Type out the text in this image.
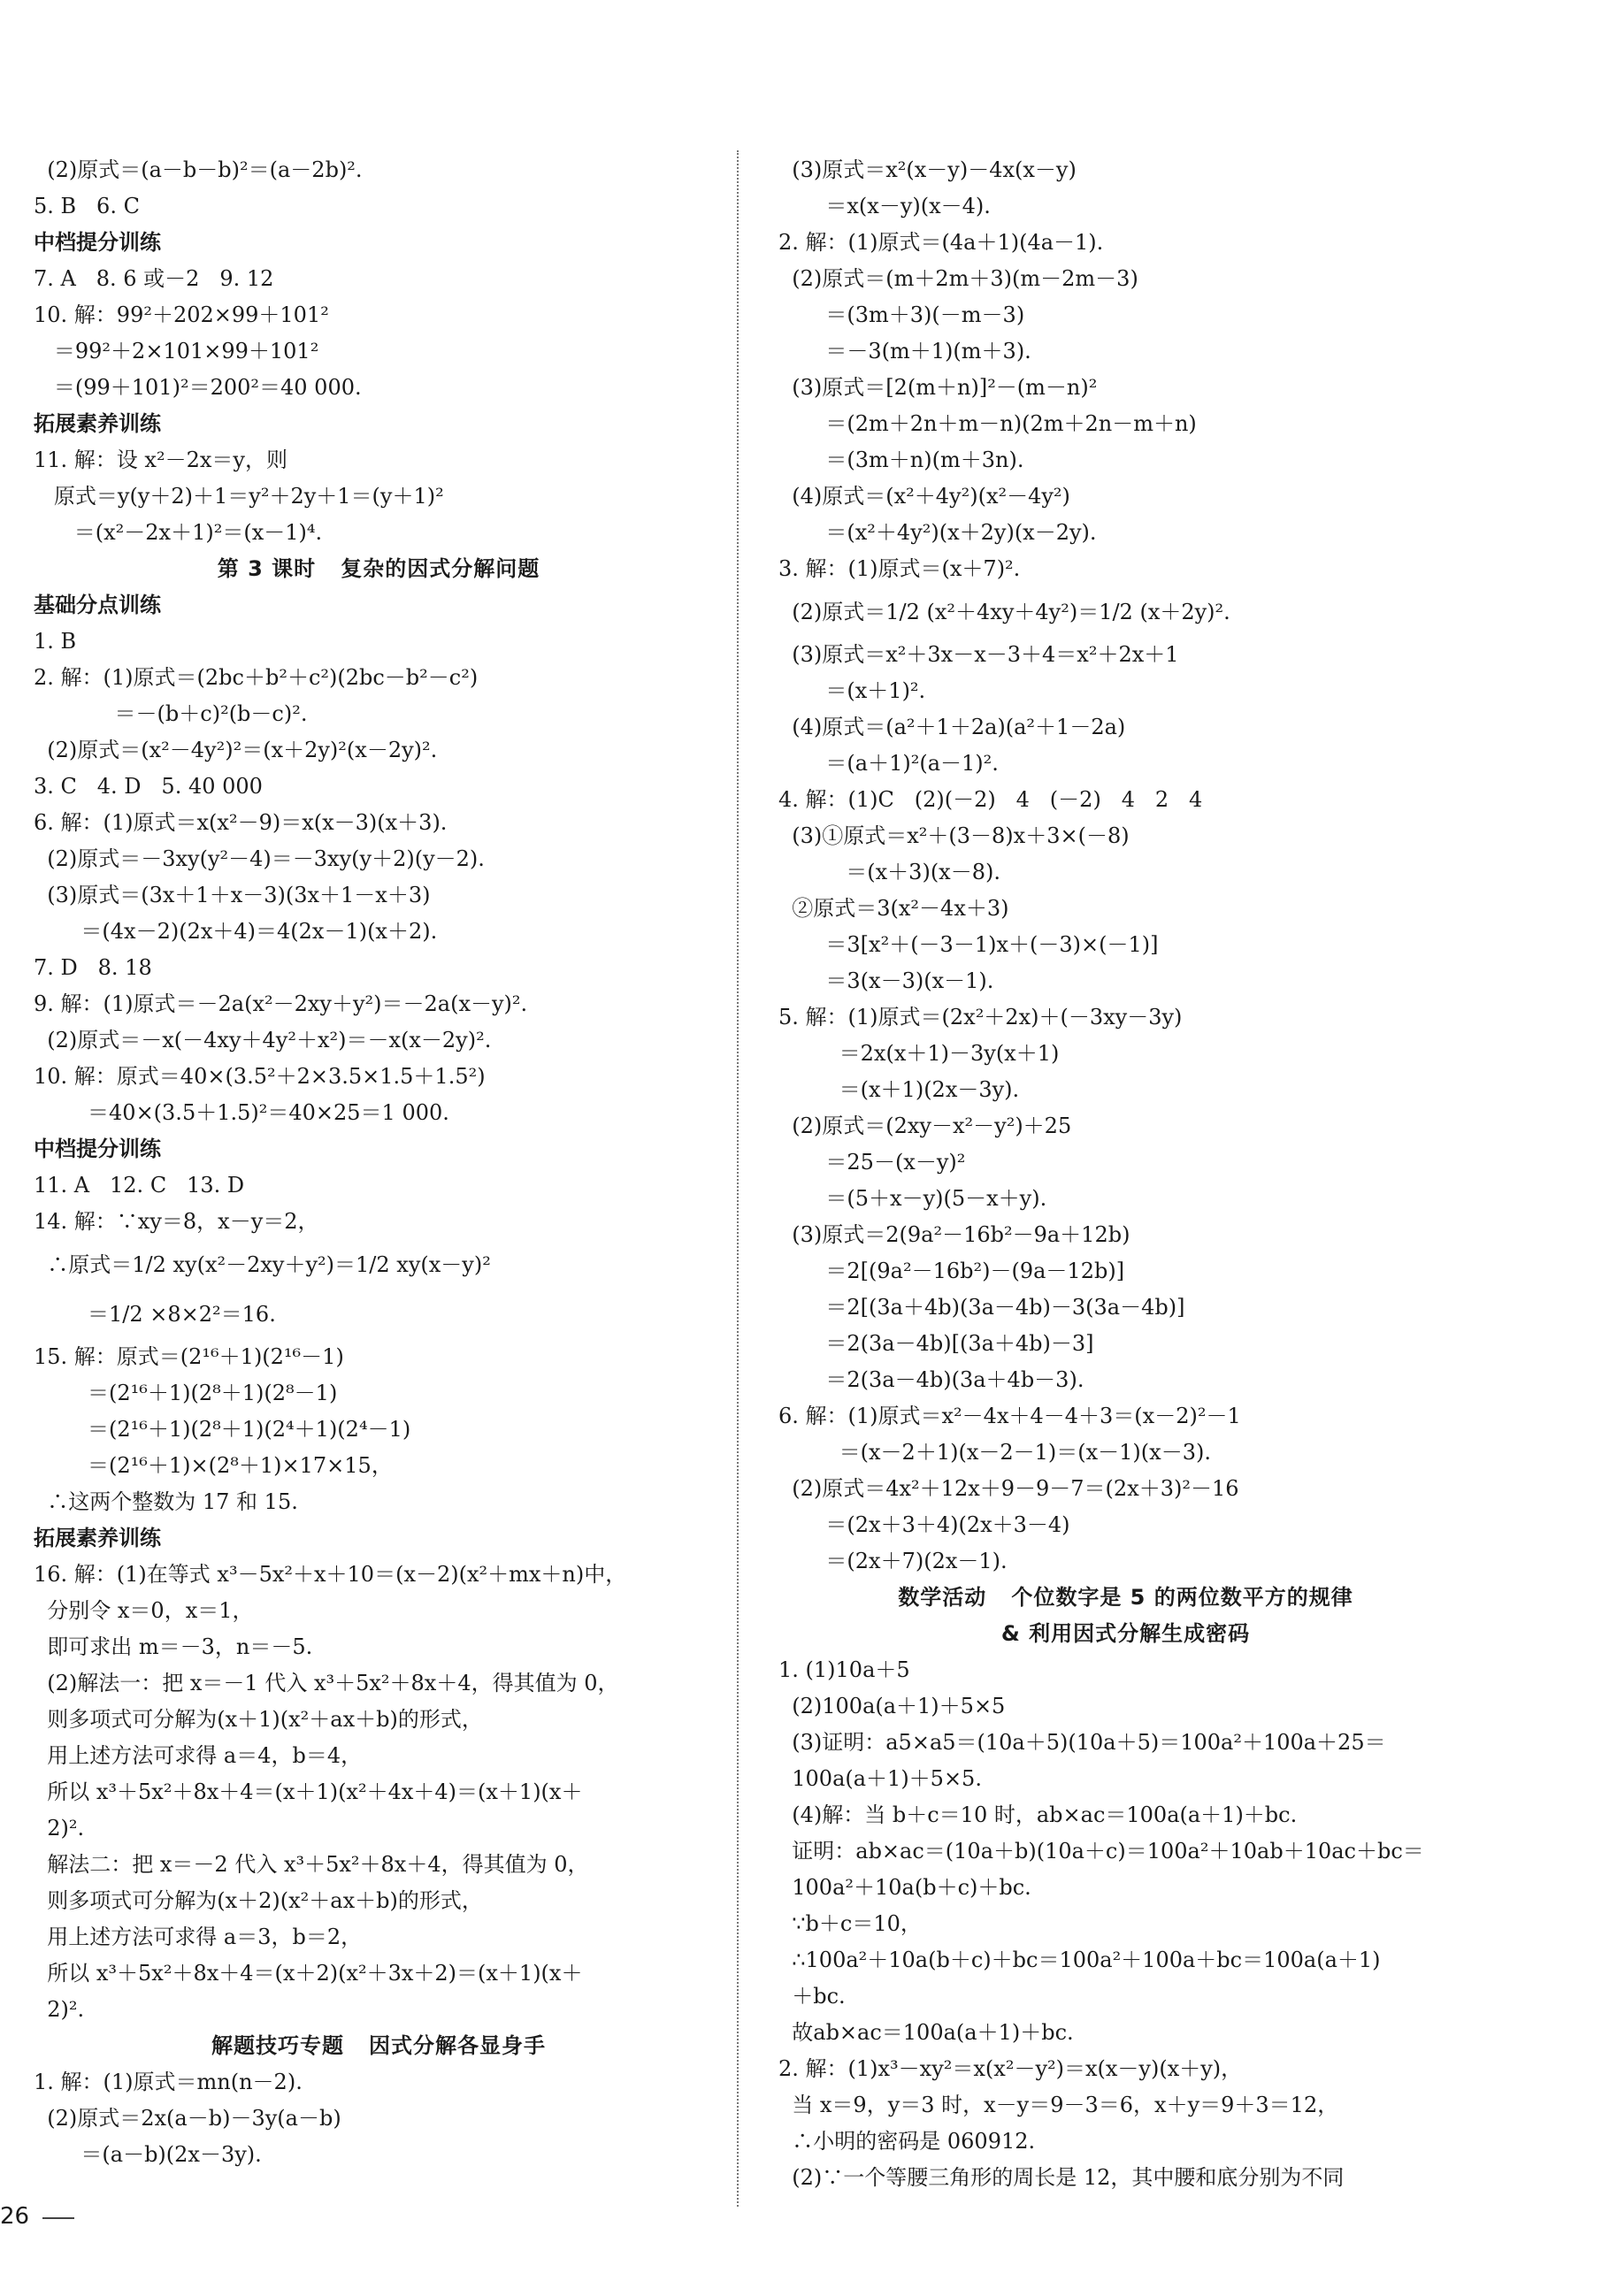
(2)原式＝(a－b－b)²＝(a－2b)².
5. B   6. C
中档提分训练
7. A   8. 6 或－2   9. 12
10. 解：99²＋202×99＋101²
＝99²＋2×101×99＋101²
＝(99＋101)²＝200²＝40 000.
拓展素养训练
11. 解：设 x²－2x＝y，则
原式＝y(y＋2)＋1＝y²＋2y＋1＝(y＋1)²
＝(x²－2x＋1)²＝(x－1)⁴.
第 3 课时   复杂的因式分解问题
基础分点训练
1. B
2. 解：(1)原式＝(2bc＋b²＋c²)(2bc－b²－c²)
＝－(b＋c)²(b－c)².
(2)原式＝(x²－4y²)²＝(x＋2y)²(x－2y)².
3. C   4. D   5. 40 000
6. 解：(1)原式＝x(x²－9)＝x(x－3)(x＋3).
(2)原式＝－3xy(y²－4)＝－3xy(y＋2)(y－2).
(3)原式＝(3x＋1＋x－3)(3x＋1－x＋3)
＝(4x－2)(2x＋4)＝4(2x－1)(x＋2).
7. D   8. 18
9. 解：(1)原式＝－2a(x²－2xy＋y²)＝－2a(x－y)².
(2)原式＝－x(－4xy＋4y²＋x²)＝－x(x－2y)².
10. 解：原式＝40×(3.5²＋2×3.5×1.5＋1.5²)
＝40×(3.5＋1.5)²＝40×25＝1 000.
中档提分训练
11. A   12. C   13. D
14. 解：∵xy＝8，x－y＝2，
∴原式＝1/2 xy(x²－2xy＋y²)＝1/2 xy(x－y)²
＝1/2 ×8×2²＝16.
15. 解：原式＝(2¹⁶＋1)(2¹⁶－1)
＝(2¹⁶＋1)(2⁸＋1)(2⁸－1)
＝(2¹⁶＋1)(2⁸＋1)(2⁴＋1)(2⁴－1)
＝(2¹⁶＋1)×(2⁸＋1)×17×15，
∴这两个整数为 17 和 15.
拓展素养训练
16. 解：(1)在等式 x³－5x²＋x＋10＝(x－2)(x²＋mx＋n)中，
分别令 x＝0，x＝1，
即可求出 m＝－3，n＝－5.
(2)解法一：把 x＝－1 代入 x³＋5x²＋8x＋4，得其值为 0，
则多项式可分解为(x＋1)(x²＋ax＋b)的形式，
用上述方法可求得 a＝4，b＝4，
所以 x³＋5x²＋8x＋4＝(x＋1)(x²＋4x＋4)＝(x＋1)(x＋
2)².
解法二：把 x＝－2 代入 x³＋5x²＋8x＋4，得其值为 0，
则多项式可分解为(x＋2)(x²＋ax＋b)的形式，
用上述方法可求得 a＝3，b＝2，
所以 x³＋5x²＋8x＋4＝(x＋2)(x²＋3x＋2)＝(x＋1)(x＋
2)².
解题技巧专题   因式分解各显身手
1. 解：(1)原式＝mn(n－2).
(2)原式＝2x(a－b)－3y(a－b)
＝(a－b)(2x－3y).
(3)原式＝x²(x－y)－4x(x－y)
＝x(x－y)(x－4).
2. 解：(1)原式＝(4a＋1)(4a－1).
(2)原式＝(m＋2m＋3)(m－2m－3)
＝(3m＋3)(－m－3)
＝－3(m＋1)(m＋3).
(3)原式＝[2(m＋n)]²－(m－n)²
＝(2m＋2n＋m－n)(2m＋2n－m＋n)
＝(3m＋n)(m＋3n).
(4)原式＝(x²＋4y²)(x²－4y²)
＝(x²＋4y²)(x＋2y)(x－2y).
3. 解：(1)原式＝(x＋7)².
(2)原式＝1/2 (x²＋4xy＋4y²)＝1/2 (x＋2y)².
(3)原式＝x²＋3x－x－3＋4＝x²＋2x＋1
＝(x＋1)².
(4)原式＝(a²＋1＋2a)(a²＋1－2a)
＝(a＋1)²(a－1)².
4. 解：(1)C   (2)(－2)   4   (－2)   4   2   4
(3)①原式＝x²＋(3－8)x＋3×(－8)
＝(x＋3)(x－8).
②原式＝3(x²－4x＋3)
＝3[x²＋(－3－1)x＋(－3)×(－1)]
＝3(x－3)(x－1).
5. 解：(1)原式＝(2x²＋2x)＋(－3xy－3y)
＝2x(x＋1)－3y(x＋1)
＝(x＋1)(2x－3y).
(2)原式＝(2xy－x²－y²)＋25
＝25－(x－y)²
＝(5＋x－y)(5－x＋y).
(3)原式＝2(9a²－16b²－9a＋12b)
＝2[(9a²－16b²)－(9a－12b)]
＝2[(3a＋4b)(3a－4b)－3(3a－4b)]
＝2(3a－4b)[(3a＋4b)－3]
＝2(3a－4b)(3a＋4b－3).
6. 解：(1)原式＝x²－4x＋4－4＋3＝(x－2)²－1
＝(x－2＋1)(x－2－1)＝(x－1)(x－3).
(2)原式＝4x²＋12x＋9－9－7＝(2x＋3)²－16
＝(2x＋3＋4)(2x＋3－4)
＝(2x＋7)(2x－1).
数学活动   个位数字是 5 的两位数平方的规律
& 利用因式分解生成密码
1. (1)10a＋5
(2)100a(a＋1)＋5×5
(3)证明：a5×a5＝(10a＋5)(10a＋5)＝100a²＋100a＋25＝
100a(a＋1)＋5×5.
(4)解：当 b＋c＝10 时，ab×ac＝100a(a＋1)＋bc.
证明：ab×ac＝(10a＋b)(10a＋c)＝100a²＋10ab＋10ac＋bc＝
100a²＋10a(b＋c)＋bc.
∵b＋c＝10，
∴100a²＋10a(b＋c)＋bc＝100a²＋100a＋bc＝100a(a＋1)
＋bc.
故ab×ac＝100a(a＋1)＋bc.
2. 解：(1)x³－xy²＝x(x²－y²)＝x(x－y)(x＋y)，
当 x＝9，y＝3 时，x－y＝9－3＝6，x＋y＝9＋3＝12，
∴小明的密码是 060912.
(2)∵一个等腰三角形的周长是 12，其中腰和底分别为不同
26
